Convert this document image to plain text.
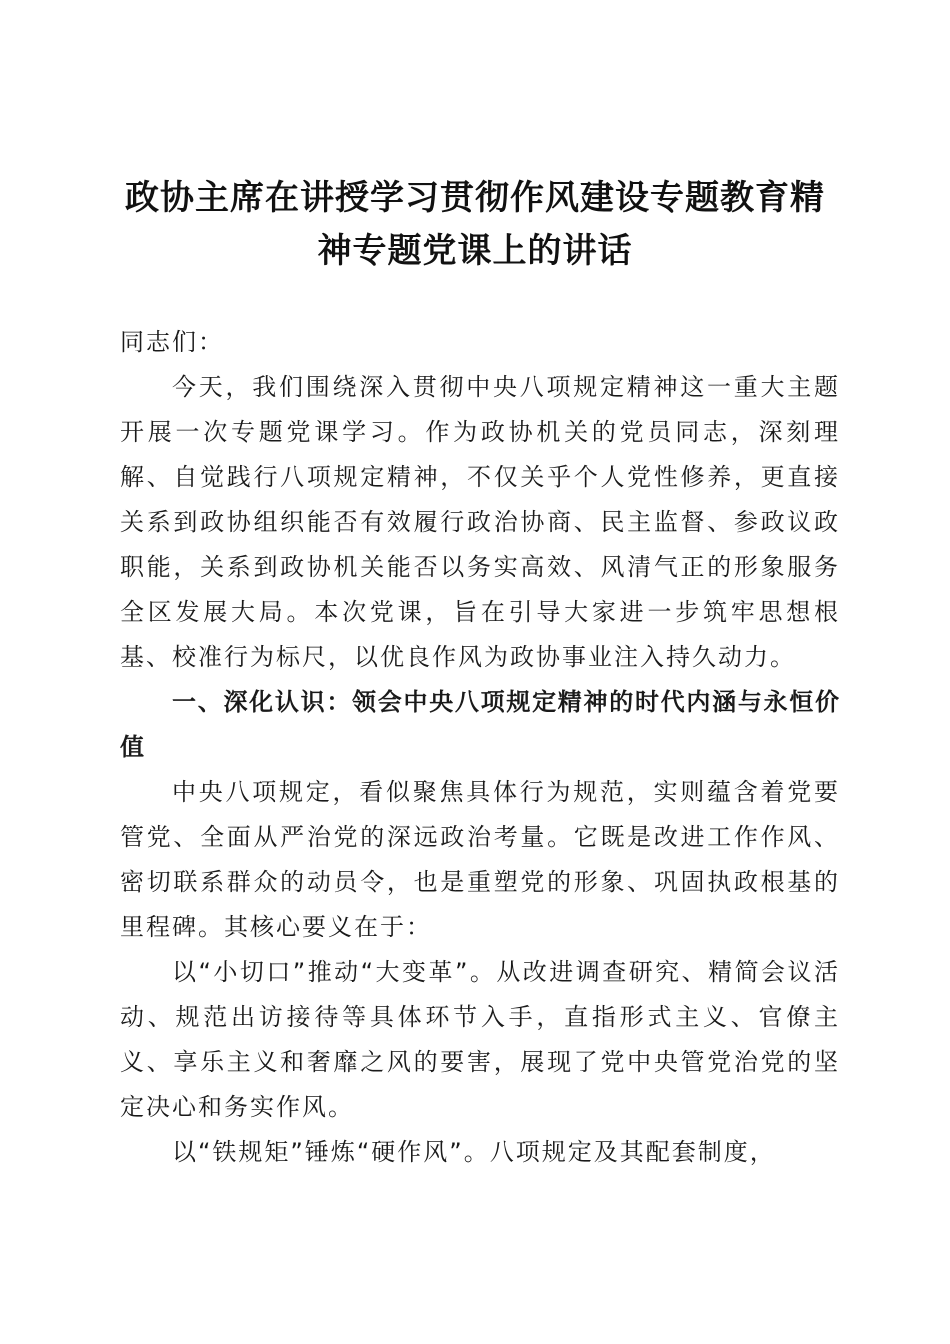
政协主席在讲授学习贯彻作风建设专题教育精
神专题党课上的讲话

同志们：

今天，我们围绕深入贯彻中央八项规定精神这一重大主题开展一次专题党课学习。作为政协机关的党员同志，深刻理解、自觉践行八项规定精神，不仅关乎个人党性修养，更直接关系到政协组织能否有效履行政治协商、民主监督、参政议政职能，关系到政协机关能否以务实高效、风清气正的形象服务全区发展大局。本次党课，旨在引导大家进一步筑牢思想根基、校准行为标尺，以优良作风为政协事业注入持久动力。

一、深化认识：领会中央八项规定精神的时代内涵与永恒价值

中央八项规定，看似聚焦具体行为规范，实则蕴含着党要管党、全面从严治党的深远政治考量。它既是改进工作作风、密切联系群众的动员令，也是重塑党的形象、巩固执政根基的里程碑。其核心要义在于：

以“小切口”推动“大变革”。从改进调查研究、精简会议活动、规范出访接待等具体环节入手，直指形式主义、官僚主义、享乐主义和奢靡之风的要害，展现了党中央管党治党的坚定决心和务实作风。

以“铁规矩”锤炼“硬作风”。八项规定及其配套制度，
